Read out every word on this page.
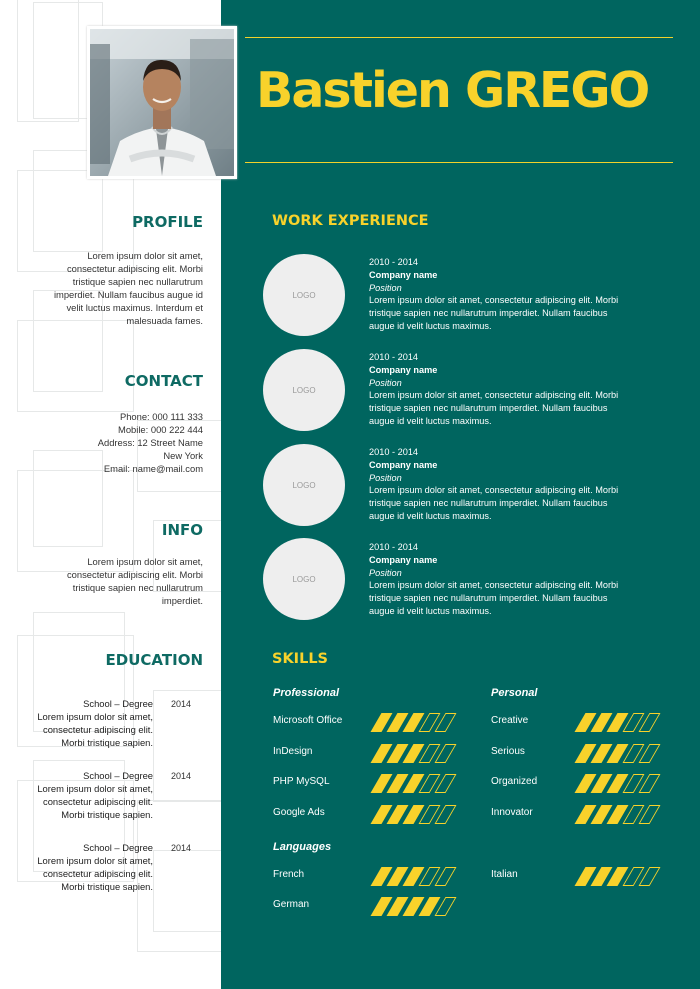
PROFILE
Lorem ipsum dolor sit amet,
consectetur adipiscing elit. Morbi
tristique sapien nec nullarutrum
imperdiet. Nullam faucibus augue id
velit luctus maximus. Interdum et
malesuada fames.
CONTACT
Phone: 000 111 333
Mobile: 000 222 444
Address: 12 Street Name
New York
Email: name@mail.com
INFO
Lorem ipsum dolor sit amet,
consectetur adipiscing elit. Morbi
tristique sapien nec nullarutrum
imperdiet.
EDUCATION
2014
School – Degree
Lorem ipsum dolor sit amet,
consectetur adipiscing elit.
Morbi tristique sapien.
2014
School – Degree
Lorem ipsum dolor sit amet,
consectetur adipiscing elit.
Morbi tristique sapien.
2014
School – Degree
Lorem ipsum dolor sit amet,
consectetur adipiscing elit.
Morbi tristique sapien.
Bastien GREGO
WORK EXPERIENCE
LOGO
2010 - 2014
Company name
Position
Lorem ipsum dolor sit amet, consectetur adipiscing elit. Morbi
tristique sapien nec nullarutrum imperdiet. Nullam faucibus
augue id velit luctus maximus.
LOGO
2010 - 2014
Company name
Position
Lorem ipsum dolor sit amet, consectetur adipiscing elit. Morbi
tristique sapien nec nullarutrum imperdiet. Nullam faucibus
augue id velit luctus maximus.
LOGO
2010 - 2014
Company name
Position
Lorem ipsum dolor sit amet, consectetur adipiscing elit. Morbi
tristique sapien nec nullarutrum imperdiet. Nullam faucibus
augue id velit luctus maximus.
LOGO
2010 - 2014
Company name
Position
Lorem ipsum dolor sit amet, consectetur adipiscing elit. Morbi
tristique sapien nec nullarutrum imperdiet. Nullam faucibus
augue id velit luctus maximus.
SKILLS
Professional	Personal
Languages
Microsoft Office
InDesign
PHP MySQL
Google Ads
Creative
Serious
Organized
Innovator
French
German
Italian
